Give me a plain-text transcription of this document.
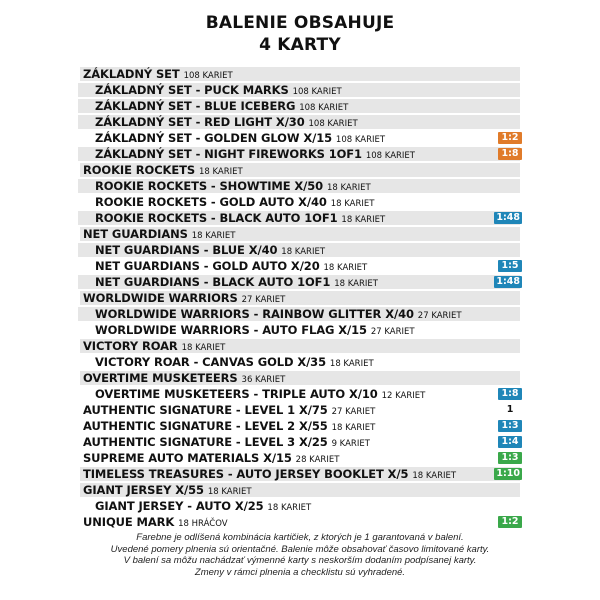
BALENIE OBSAHUJE
4 KARTY
ZÁKLADNÝ SET 108 KARIET
ZÁKLADNÝ SET - PUCK MARKS 108 KARIET
ZÁKLADNÝ SET - BLUE ICEBERG 108 KARIET
ZÁKLADNÝ SET - RED LIGHT X/30 108 KARIET
ZÁKLADNÝ SET - GOLDEN GLOW X/15 108 KARIET	1:2
ZÁKLADNÝ SET - NIGHT FIREWORKS 1OF1 108 KARIET	1:8
ROOKIE ROCKETS 18 KARIET
ROOKIE ROCKETS - SHOWTIME X/50 18 KARIET
ROOKIE ROCKETS - GOLD AUTO X/40 18 KARIET
ROOKIE ROCKETS - BLACK AUTO 1OF1 18 KARIET	1:48
NET GUARDIANS 18 KARIET
NET GUARDIANS - BLUE X/40 18 KARIET
NET GUARDIANS - GOLD AUTO X/20 18 KARIET	1:5
NET GUARDIANS - BLACK AUTO 1OF1 18 KARIET	1:48
WORLDWIDE WARRIORS 27 KARIET
WORLDWIDE WARRIORS - RAINBOW GLITTER X/40 27 KARIET
WORLDWIDE WARRIORS - AUTO FLAG X/15 27 KARIET
VICTORY ROAR 18 KARIET
VICTORY ROAR - CANVAS GOLD X/35 18 KARIET
OVERTIME MUSKETEERS 36 KARIET
OVERTIME MUSKETEERS - TRIPLE AUTO X/10 12 KARIET	1:8
AUTHENTIC SIGNATURE - LEVEL 1 X/75 27 KARIET	1
AUTHENTIC SIGNATURE - LEVEL 2 X/55 18 KARIET	1:3
AUTHENTIC SIGNATURE - LEVEL 3 X/25 9 KARIET	1:4
SUPREME AUTO MATERIALS X/15 28 KARIET	1:3
TIMELESS TREASURES - AUTO JERSEY BOOKLET X/5 18 KARIET	1:10
GIANT JERSEY X/55 18 KARIET
GIANT JERSEY - AUTO X/25 18 KARIET
UNIQUE MARK 18 HRÁČOV	1:2
Farebne je odlíšená kombinácia kartičiek, z ktorých je 1 garantovaná v balení.
Uvedené pomery plnenia sú orientačné. Balenie môže obsahovať časovo limitované karty.
V balení sa môžu nachádzať výmenné karty s neskorším dodaním podpísanej karty.
Zmeny v rámci plnenia a checklistu sú vyhradené.
